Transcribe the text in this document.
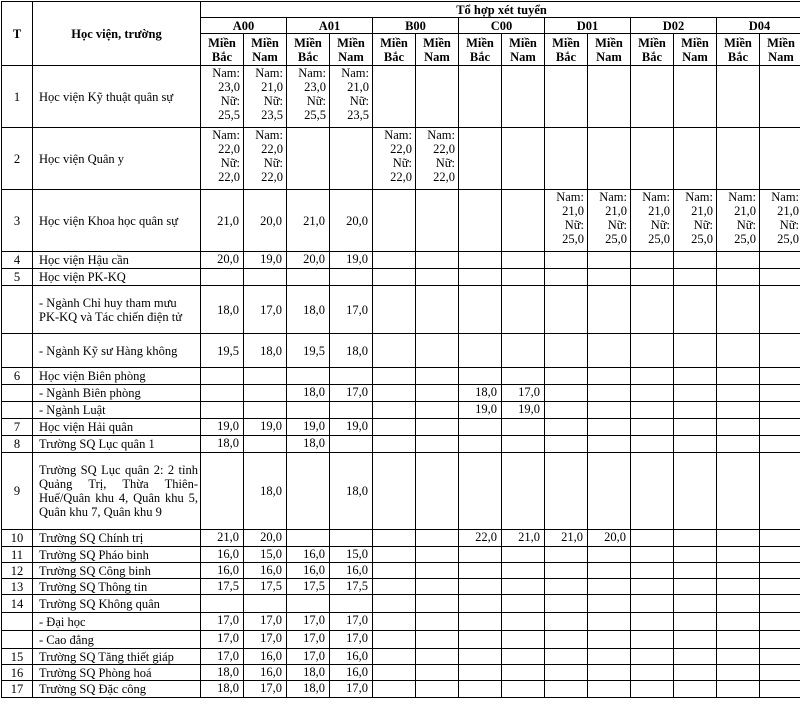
T	Học viện, trường	Tổ hợp xét tuyển													
		A00		A01		B00		C00		D01		D02		D04	
		Miền Bắc	Miền Nam	Miền Bắc	Miền Nam	Miền Bắc	Miền Nam	Miền Bắc	Miền Nam	Miền Bắc	Miền Nam	Miền Bắc	Miền Nam	Miền Bắc	Miền Nam
1	Học viện Kỹ thuật quân sự	Nam:
23,0
Nữ:
25,5	Nam:
21,0
Nữ:
23,5	Nam:
23,0
Nữ:
25,5	Nam:
21,0
Nữ:
23,5										

2	Học viện Quân y	Nam:
22,0
Nữ:
22,0	Nam:
22,0
Nữ:
22,0			Nam:
22,0
Nữ:
22,0	Nam:
22,0
Nữ:
22,0								

3	Học viện Khoa học quân sự	21,0	20,0	21,0	20,0					Nam:
21,0
Nữ:
25,0	Nam:
21,0
Nữ:
25,0	Nam:
21,0
Nữ:
25,0	Nam:
21,0
Nữ:
25,0	Nam:
21,0
Nữ:
25,0	Nam:
21,0
Nữ:
25,0

4	Học viện Hậu cần	20,0	19,0	20,0	19,0										
5	Học viện PK-KQ														
	- Ngành Chỉ huy tham mưu PK-KQ và Tác chiến điện tử	18,0	17,0	18,0	17,0										
	- Ngành Kỹ sư Hàng không	19,5	18,0	19,5	18,0										
6	Học viện Biên phòng														
	- Ngành Biên phòng			18,0	17,0			18,0	17,0						
	- Ngành Luật							19,0	19,0						
7	Học viện Hải quân	19,0	19,0	19,0	19,0										
8	Trường SQ Lục quân 1	18,0		18,0											
9	Trường SQ Lục quân 2: 2 tỉnh Quảng Trị, Thừa Thiên-Huế/Quân khu 4, Quân khu 5, Quân khu 7, Quân khu 9		18,0		18,0										
10	Trường SQ Chính trị	21,0	20,0					22,0	21,0	21,0	20,0				
11	Trường SQ Pháo binh	16,0	15,0	16,0	15,0										
12	Trường SQ Công binh	16,0	16,0	16,0	16,0										
13	Trường SQ Thông tin	17,5	17,5	17,5	17,5										
14	Trường SQ Không quân														
	- Đại học	17,0	17,0	17,0	17,0										
	- Cao đẳng	17,0	17,0	17,0	17,0										
15	Trường SQ Tăng thiết giáp	17,0	16,0	17,0	16,0										
16	Trường SQ Phòng hoá	18,0	16,0	18,0	16,0										
17	Trường SQ Đặc công	18,0	17,0	18,0	17,0										
